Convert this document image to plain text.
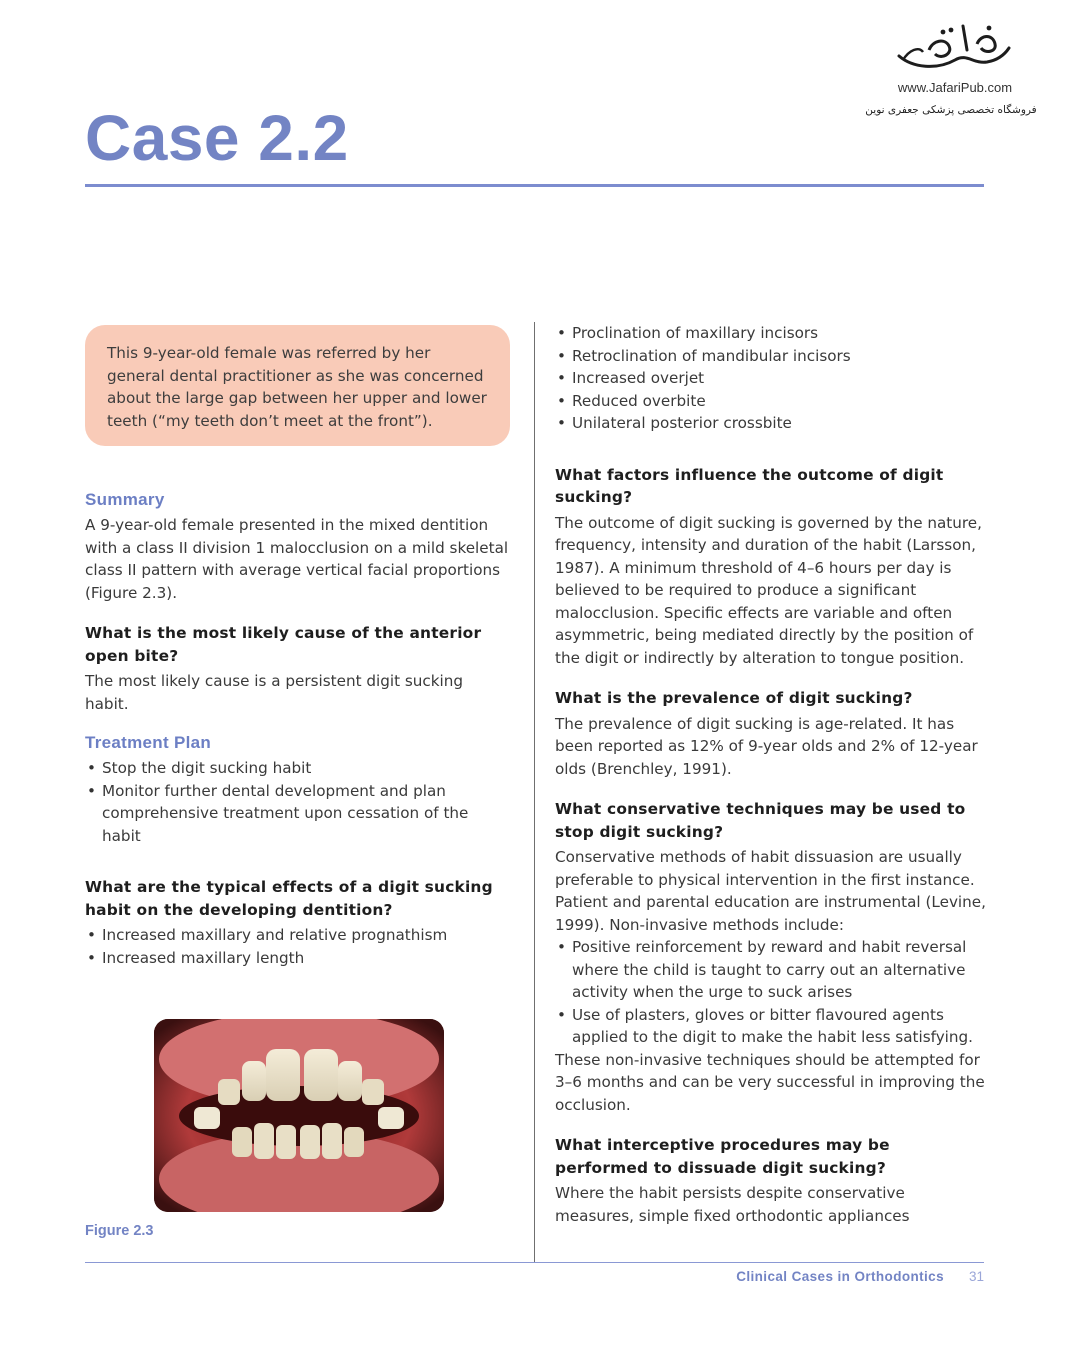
www.JafariPub.com
فروشگاه تخصصی پزشکی جعفری نوین
Case 2.2

This 9-year-old female was referred by her general dental practitioner as she was concerned about the large gap between her upper and lower teeth (“my teeth don’t meet at the front”).

Summary

A 9-year-old female presented in the mixed dentition with a class II division 1 malocclusion on a mild skeletal class II pattern with average vertical facial proportions (Figure 2.3).

What is the most likely cause of the anterior open bite?

The most likely cause is a persistent digit sucking habit.

Treatment Plan
• Stop the digit sucking habit
• Monitor further dental development and plan comprehensive treatment upon cessation of the habit
What are the typical effects of a digit sucking habit on the developing dentition?
• Increased maxillary and relative prognathism
• Increased maxillary length
Figure 2.3
• Proclination of maxillary incisors
• Retroclination of mandibular incisors
• Increased overjet
• Reduced overbite
• Unilateral posterior crossbite
What factors influence the outcome of digit sucking?

The outcome of digit sucking is governed by the nature, frequency, intensity and duration of the habit (Larsson, 1987). A minimum threshold of 4–6 hours per day is believed to be required to produce a significant malocclusion. Specific effects are variable and often asymmetric, being mediated directly by the position of the digit or indirectly by alteration to tongue position.

What is the prevalence of digit sucking?

The prevalence of digit sucking is age-related. It has been reported as 12% of 9-year olds and 2% of 12-year olds (Brenchley, 1991).

What conservative techniques may be used to stop digit sucking?

Conservative methods of habit dissuasion are usually preferable to physical intervention in the first instance. Patient and parental education are instrumental (Levine, 1999). Non-invasive methods include:

• Positive reinforcement by reward and habit reversal where the child is taught to carry out an alternative activity when the urge to suck arises
• Use of plasters, gloves or bitter flavoured agents applied to the digit to make the habit less satisfying.

These non-invasive techniques should be attempted for 3–6 months and can be very successful in improving the occlusion.

What interceptive procedures may be performed to dissuade digit sucking?

Where the habit persists despite conservative measures, simple fixed orthodontic appliances

Clinical Cases in Orthodontics	31
